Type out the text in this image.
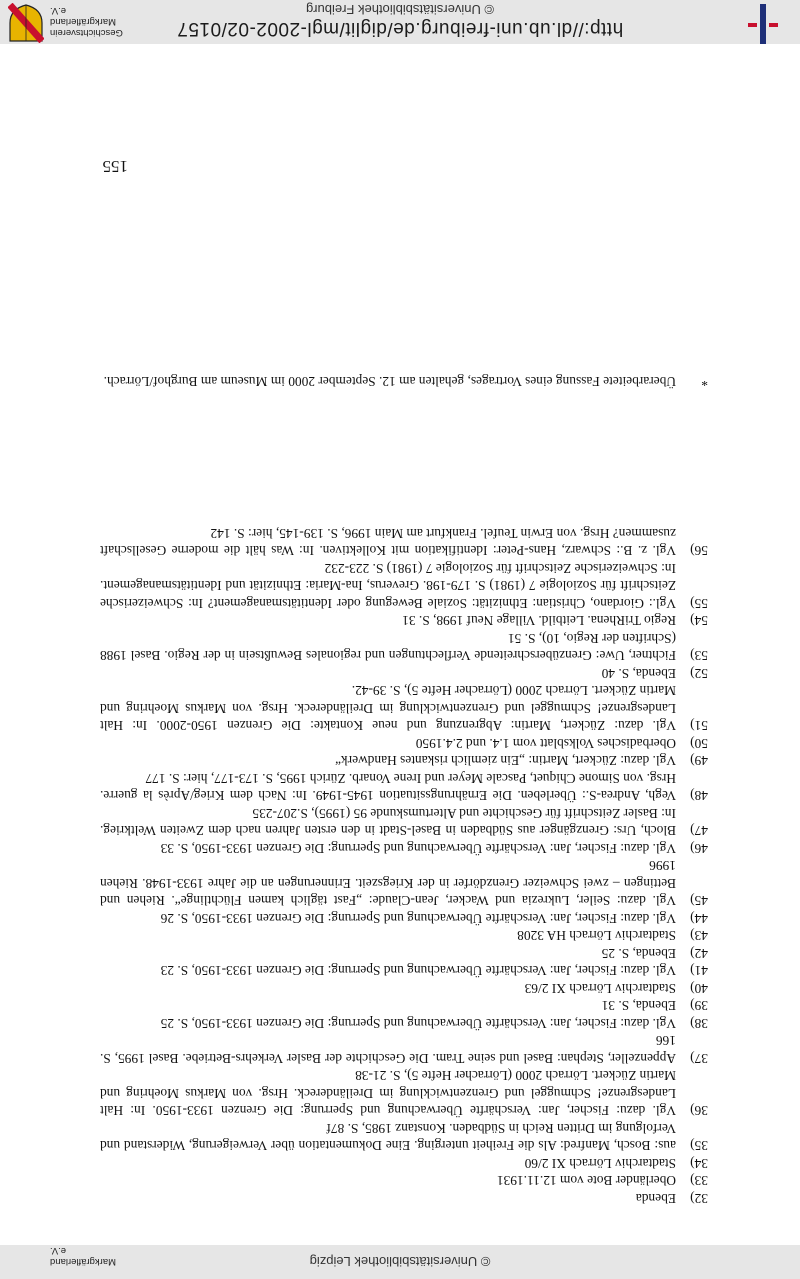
© Universitätsbibliothek Leipzig
Markgräflerland e.V.
32)
Ebenda
33)
Oberländer Bote vom 12.11.1931
34)
Stadtarchiv Lörrach XI 2/60
35)
aus: Bosch, Manfred: Als die Freiheit unterging. Eine Dokumentation über Verweigerung, Widerstand und Verfolgung im Dritten Reich in Südbaden. Konstanz 1985, S. 87f
36)
Vgl. dazu: Fischer, Jan: Verschärfte Überwachung und Sperrung: Die Grenzen 1933-1950. In: Halt Landesgrenze! Schmuggel und Grenzentwicklung im Dreiländereck. Hrsg. von Markus Moehring und Martin Zückert. Lörrach 2000 (Lörracher Hefte 5), S. 21-38
37)
Appenzeller, Stephan: Basel und seine Tram. Die Geschichte der Basler Verkehrs-Betriebe. Basel 1995, S. 166
38)
Vgl. dazu: Fischer, Jan: Verschärfte Überwachung und Sperrung: Die Grenzen 1933-1950, S. 25
39)
Ebenda, S. 31
40)
Stadtarchiv Lörrach XI 2/63
41)
Vgl. dazu: Fischer, Jan: Verschärfte Überwachung und Sperrung: Die Grenzen 1933-1950, S. 23
42)
Ebenda, S. 25
43)
Stadtarchiv Lörrach HA 3208
44)
Vgl. dazu: Fischer, Jan: Verschärfte Überwachung und Sperrung: Die Grenzen 1933-1950, S. 26
45)
Vgl. dazu: Seiler, Lukrezia und Wacker, Jean-Claude: „Fast täglich kamen Flüchtlinge“. Riehen und Bettingen – zwei Schweizer Grenzdörfer in der Kriegszeit. Erinnerungen an die Jahre 1933-1948. Riehen 1996
46)
Vgl. dazu: Fischer, Jan: Verschärfte Überwachung und Sperrung: Die Grenzen 1933-1950, S. 33
47)
Bloch, Urs: Grenzgänger aus Südbaden in Basel-Stadt in den ersten Jahren nach dem Zweiten Weltkrieg. In: Basler Zeitschrift für Geschichte und Altertumskunde 95 (1995), S.207-235
48)
Vegh, Andrea-S.: Überleben. Die Ernährungssituation 1945-1949. In: Nach dem Krieg/Après la guerre. Hrsg. von Simone Chiquet, Pascale Meyer und Irene Vonarb. Zürich 1995, S. 173-177, hier: S. 177
49)
Vgl. dazu: Zückert, Martin: „Ein ziemlich riskantes Handwerk“
50)
Oberbadisches Volksblatt vom 1.4. und 2.4.1950
51)
Vgl. dazu: Zückert, Martin: Abgrenzung und neue Kontakte: Die Grenzen 1950-2000. In: Halt Landesgrenze! Schmuggel und Grenzentwicklung im Dreiländereck. Hrsg. von Markus Moehring und Martin Zückert. Lörrach 2000 (Lörracher Hefte 5), S. 39-42.
52)
Ebenda, S. 40
53)
Fichtner, Uwe: Grenzüberschreitende Verflechtungen und regionales Bewußtsein in der Regio. Basel 1988 (Schriften der Regio, 10), S. 51
54)
Regio TriRhena. Leitbild. Village Neuf 1998, S. 31
55)
Vgl.: Giordano, Christian: Ethnizität: Soziale Bewegung oder Identitätsmanagement? In: Schweizerische Zeitschrift für Soziologie 7 (1981) S. 179-198. Greverus, Ina-Maria: Ethnizität und Identitätsmanagement. In: Schweizerische Zeitschrift für Soziologie 7 (1981) S. 223-232
56)
Vgl. z. B.: Schwarz, Hans-Peter: Identifikation mit Kollektiven. In: Was hält die moderne Gesellschaft zusammen? Hrsg. von Erwin Teufel. Frankfurt am Main 1996, S. 139-145, hier: S. 142
*
Überarbeitete Fassung eines Vortrages, gehalten am 12. September 2000 im Museum am Burghof/Lörrach.
155
http://dl.ub.uni-freiburg.de/diglit/mgl-2002-02/0157
© Universitätsbibliothek Freiburg
Geschichtsverein Markgräflerland e.V.
